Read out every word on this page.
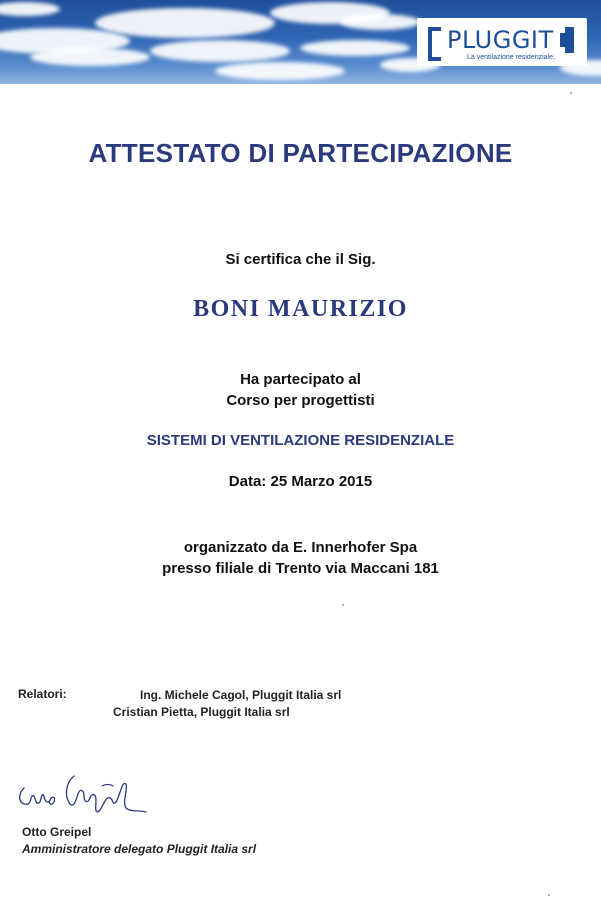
PLUGGIT
La ventilazione residenziale.
ATTESTATO DI PARTECIPAZIONE
Si certifica che il Sig.
BONI MAURIZIO
Ha partecipato al
Corso per progettisti
SISTEMI DI VENTILAZIONE RESIDENZIALE
Data: 25 Marzo 2015
organizzato da E. Innerhofer Spa
presso filiale di Trento via Maccani 181
Relatori:	Ing. Michele Cagol, Pluggit Italia srl
Cristian Pietta, Pluggit Italia srl
Otto Greipel
Amministratore delegato Pluggit Italia srl
